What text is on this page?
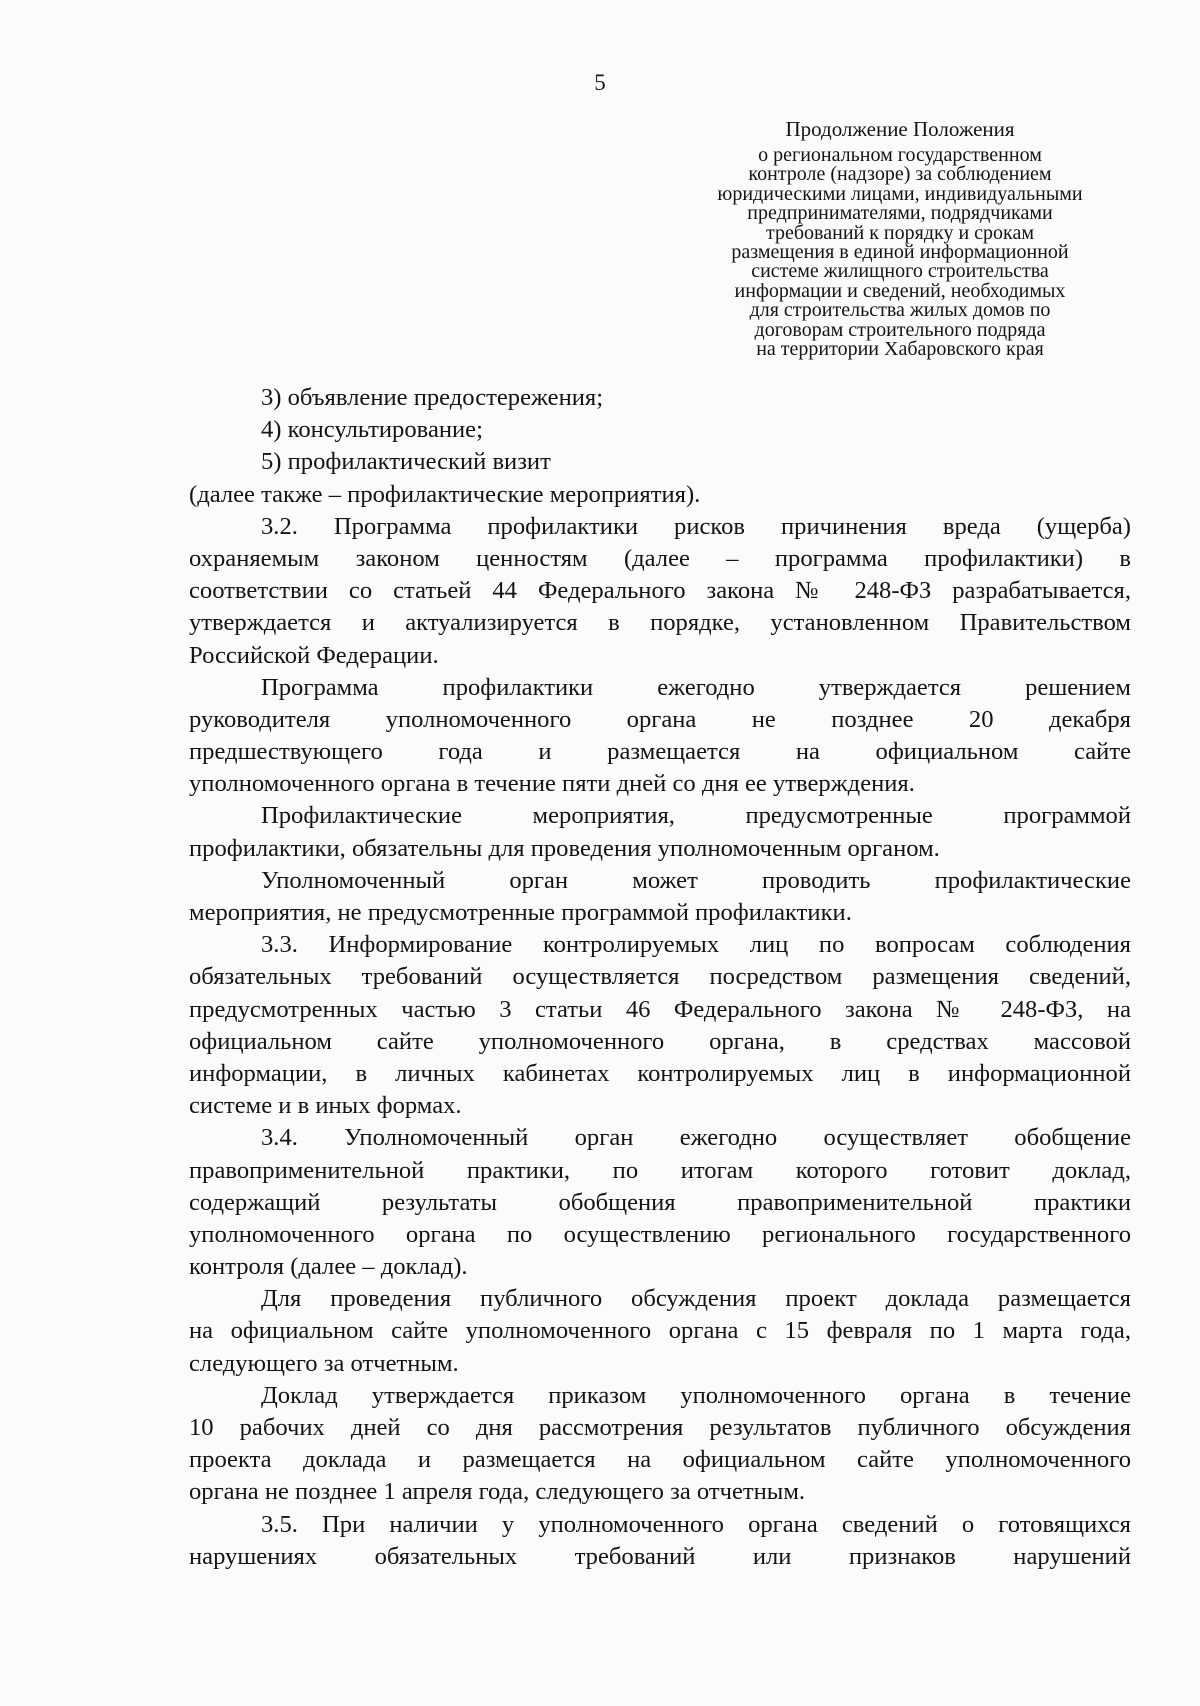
5
Продолжение Положения
о региональном государственном
контроле (надзоре) за соблюдением
юридическими лицами, индивидуальными
предпринимателями, подрядчиками
требований к порядку и срокам
размещения в единой информационной
системе жилищного строительства
информации и сведений, необходимых
для строительства жилых домов по
договорам строительного подряда
на территории Хабаровского края
3) объявление предостережения;
4) консультирование;
5) профилактический визит
(далее также – профилактические мероприятия).
3.2. Программа профилактики рисков причинения вреда (ущерба)
охраняемым законом ценностям (далее – программа профилактики) в
соответствии со статьей 44 Федерального закона № 248-ФЗ разрабатывается,
утверждается и актуализируется в порядке, установленном Правительством
Российской Федерации.
Программа профилактики ежегодно утверждается решением
руководителя уполномоченного органа не позднее 20 декабря
предшествующего года и размещается на официальном сайте
уполномоченного органа в течение пяти дней со дня ее утверждения.
Профилактические мероприятия, предусмотренные программой
профилактики, обязательны для проведения уполномоченным органом.
Уполномоченный орган может проводить профилактические
мероприятия, не предусмотренные программой профилактики.
3.3. Информирование контролируемых лиц по вопросам соблюдения
обязательных требований осуществляется посредством размещения сведений,
предусмотренных частью 3 статьи 46 Федерального закона № 248-ФЗ, на
официальном сайте уполномоченного органа, в средствах массовой
информации, в личных кабинетах контролируемых лиц в информационной
системе и в иных формах.
3.4. Уполномоченный орган ежегодно осуществляет обобщение
правоприменительной практики, по итогам которого готовит доклад,
содержащий результаты обобщения правоприменительной практики
уполномоченного органа по осуществлению регионального государственного
контроля (далее – доклад).
Для проведения публичного обсуждения проект доклада размещается
на официальном сайте уполномоченного органа с 15 февраля по 1 марта года,
следующего за отчетным.
Доклад утверждается приказом уполномоченного органа в течение
10 рабочих дней со дня рассмотрения результатов публичного обсуждения
проекта доклада и размещается на официальном сайте уполномоченного
органа не позднее 1 апреля года, следующего за отчетным.
3.5. При наличии у уполномоченного органа сведений о готовящихся
нарушениях обязательных требований или признаков нарушений
